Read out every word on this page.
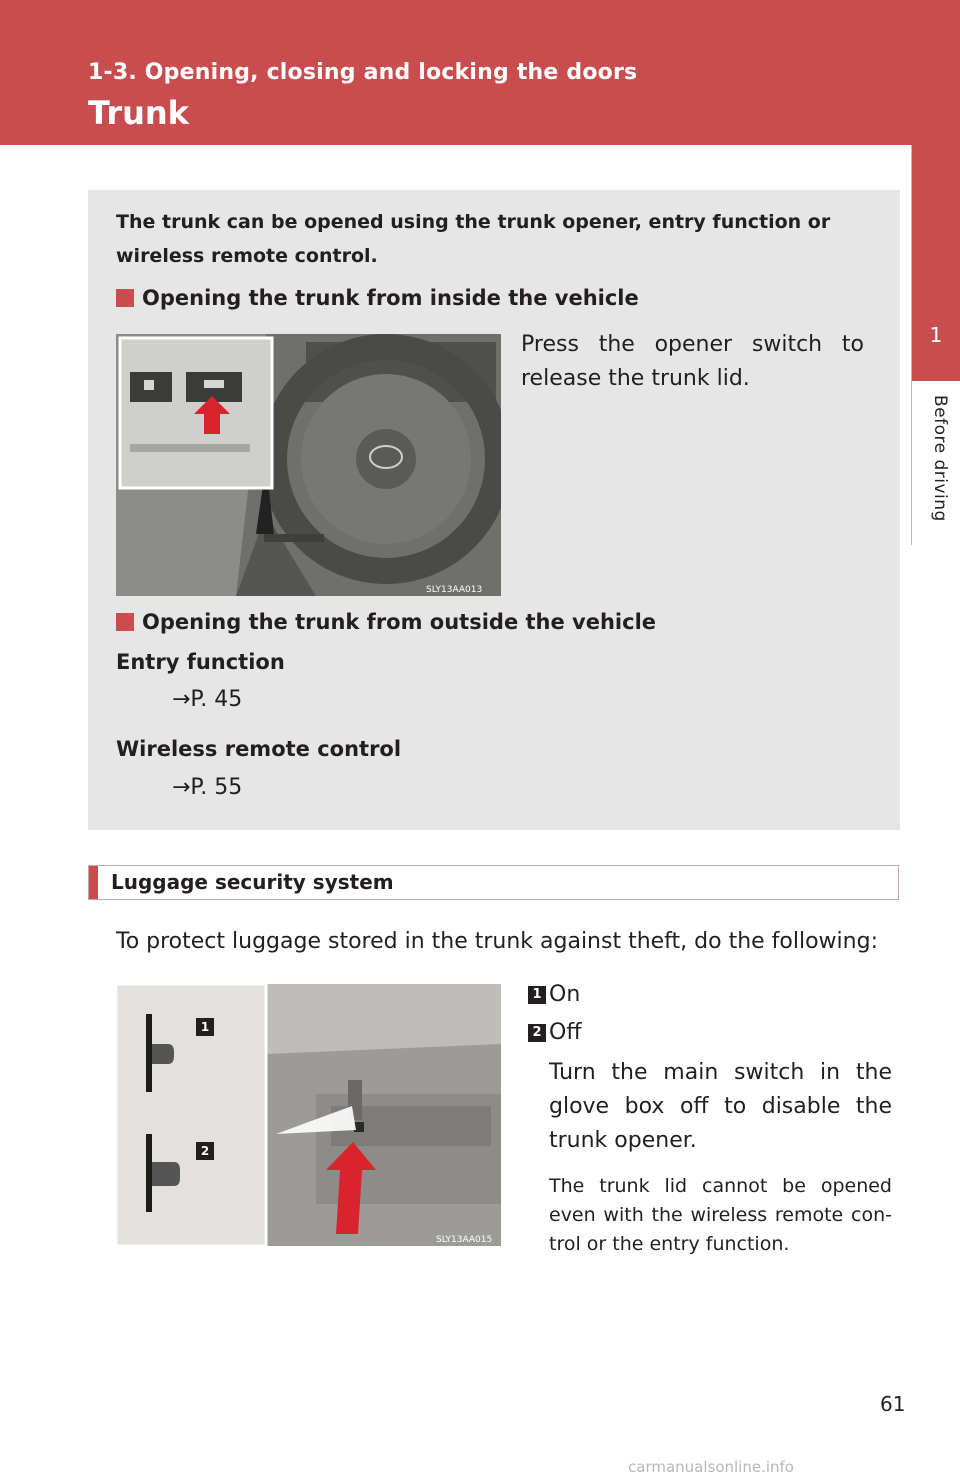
1-3. Opening, closing and locking the doors
Trunk
1
Before driving
The trunk can be opened using the trunk opener, entry function or wireless remote control.
Opening the trunk from inside the vehicle
SLY13AA013
Press the opener switch to release the trunk lid.
Opening the trunk from outside the vehicle
Entry function
→P. 45
Wireless remote control
→P. 55
Luggage security system
To protect luggage stored in the trunk against theft, do the following:
1
2
SLY13AA015
1 On
2 Off
Turn the main switch in the glove box off to disable the trunk opener.
The trunk lid cannot be opened even with the wireless remote con-trol or the entry function.
61
carmanualsonline.info
